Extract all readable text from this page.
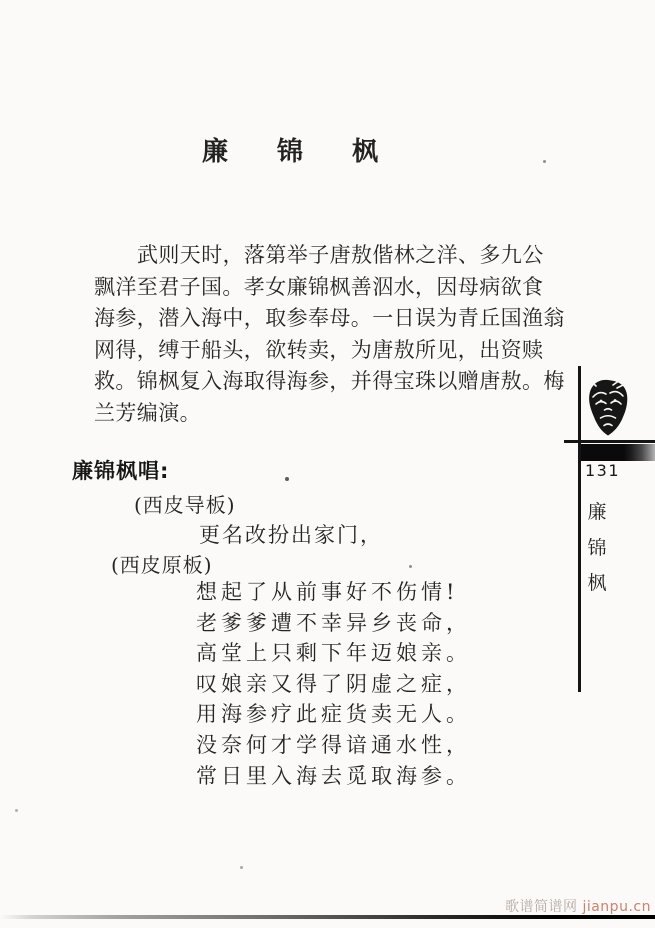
廉 锦 枫
武则天时，落第举子唐敖偕林之洋、多九公
飘洋至君子国。孝女廉锦枫善泅水，因母病欲食
海参，潜入海中，取参奉母。一日误为青丘国渔翁
网得，缚于船头，欲转卖，为唐敖所见，出资赎
救。锦枫复入海取得海参，并得宝珠以赠唐敖。梅
兰芳编演。
廉锦枫唱:
(西皮导板)
更名改扮出家门，
(西皮原板)
想起了从前事好不伤情!
老爹爹遭不幸异乡丧命，
高堂上只剩下年迈娘亲。
叹娘亲又得了阴虚之症，
用海参疗此症货卖无人。
没奈何才学得谙通水性，
常日里入海去觅取海参。
131
廉
锦
枫
歌谱简谱网 jianpu.cn
